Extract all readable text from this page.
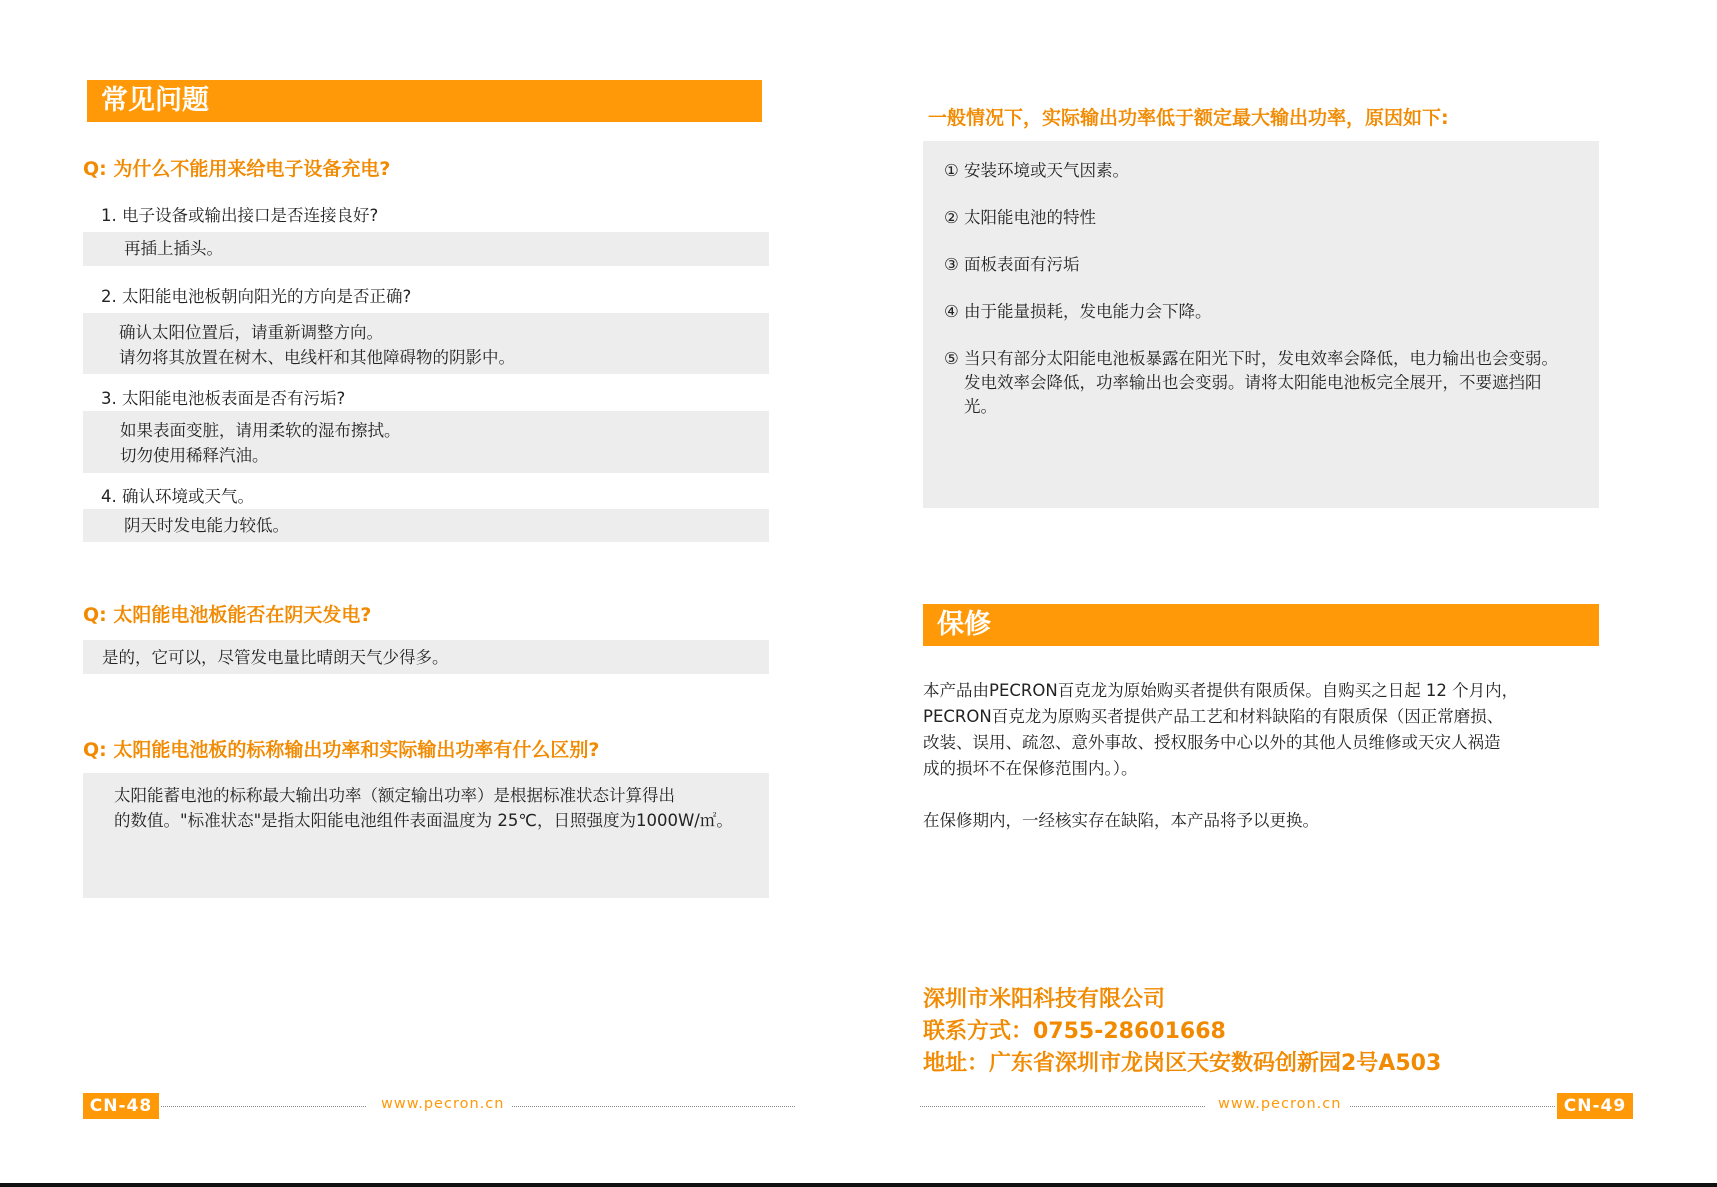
常见问题
Q: 为什么不能用来给电子设备充电?
1. 电子设备或输出接口是否连接良好?
再插上插头。
2. 太阳能电池板朝向阳光的方向是否正确?
确认太阳位置后，请重新调整方向。
请勿将其放置在树木、电线杆和其他障碍物的阴影中。
3. 太阳能电池板表面是否有污垢?
如果表面变脏，请用柔软的湿布擦拭。
切勿使用稀释汽油。
4. 确认环境或天气。
阴天时发电能力较低。
Q: 太阳能电池板能否在阴天发电?
是的，它可以，尽管发电量比晴朗天气少得多。
Q: 太阳能电池板的标称输出功率和实际输出功率有什么区别?
太阳能蓄电池的标称最大输出功率（额定输出功率）是根据标准状态计算得出
的数值。"标准状态"是指太阳能电池组件表面温度为 25℃，日照强度为1000W/㎡。
CN-48	www.pecron.cn
一般情况下，实际输出功率低于额定最大输出功率，原因如下:
① 安装环境或天气因素。
② 太阳能电池的特性
③ 面板表面有污垢
④ 由于能量损耗，发电能力会下降。
⑤ 当只有部分太阳能电池板暴露在阳光下时，发电效率会降低，电力输出也会变弱。发电效率会降低，功率输出也会变弱。请将太阳能电池板完全展开，不要遮挡阳光。
保修
本产品由PECRON百克龙为原始购买者提供有限质保。自购买之日起 12 个月内，
PECRON百克龙为原购买者提供产品工艺和材料缺陷的有限质保（因正常磨损、
改装、误用、疏忽、意外事故、授权服务中心以外的其他人员维修或天灾人祸造
成的损坏不在保修范围内。）。
在保修期内，一经核实存在缺陷，本产品将予以更换。
深圳市米阳科技有限公司
联系方式：0755-28601668
地址：广东省深圳市龙岗区天安数码创新园2号A503
www.pecron.cn	CN-49
